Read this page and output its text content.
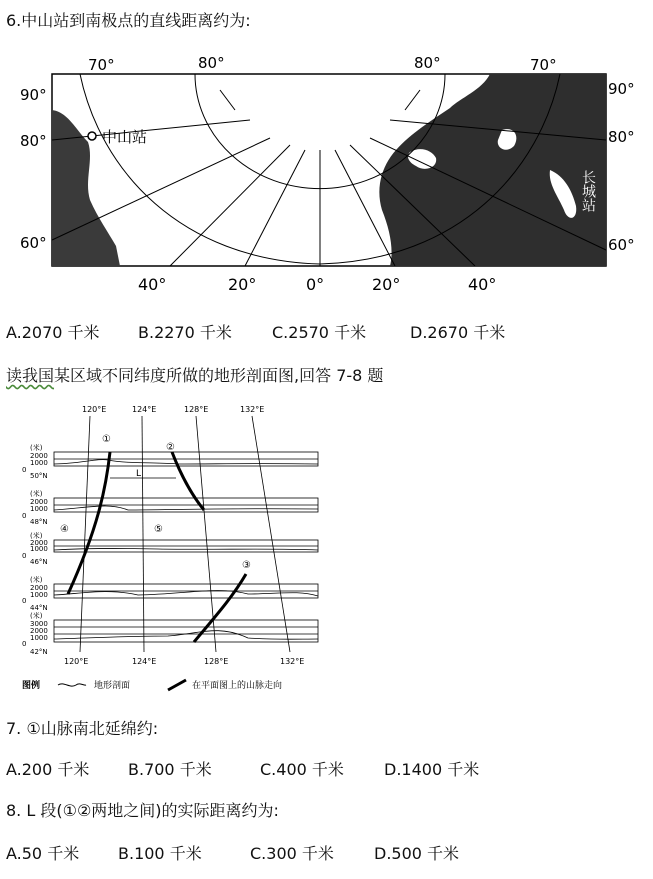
6.中山站到南极点的直线距离约为:
中山站
长城站
70°	80°	80°	70°
90°
80°
60°
90°
80°
60°
40°	20°	0°	20°	40°
A.2070 千米 B.2270 千米	C.2570 千米	D.2670 千米
读我国某区域不同纬度所做的地形剖面图,回答 7-8 题
120°E	124°E	128°E	132°E
①
②
③
④	⑤
L
(米)
2000
1000
0
50°N
(米)
2000
1000
0
48°N
(米)
2000
1000
0
46°N
(米)
2000
1000
0
44°N
(米)
3000
2000
1000
0
42°N
120°E	124°E	128°E	132°E
图例	地形剖面	在平面图上的山脉走向
7. ①山脉南北延绵约:
A.200 千米 B.700 千米	C.400 千米	D.1400 千米
8. L 段(①②两地之间)的实际距离约为:
A.50 千米 B.100 千米	C.300 千米	D.500 千米
